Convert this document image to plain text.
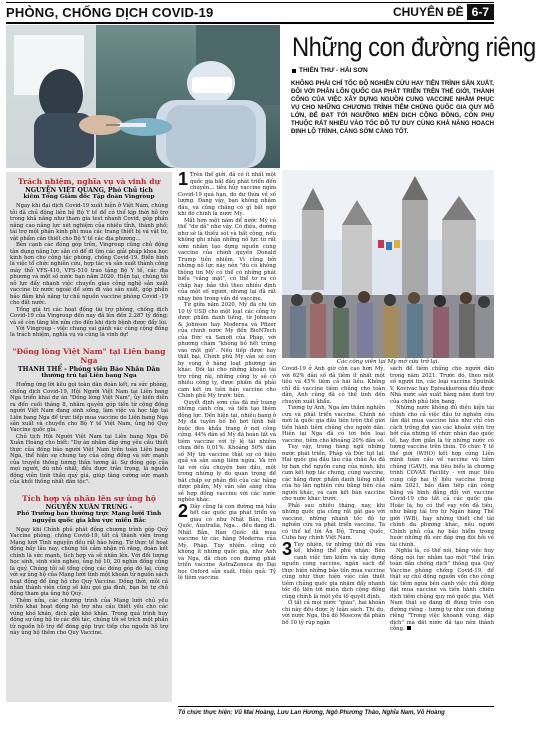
PHÒNG, CHỐNG DỊCH COVID-19	CHUYÊN ĐỀ 6-7
Những con đường riêng
THIÊN THƯ - HẢI SƠN
KHÔNG PHẢI CHỈ TỐC ĐỘ NGHIÊN CỨU HAY TIỆN TRÌNH SẢN XUẤT, ĐÔI VỚI PHÂN LÔN QUỐC GIA PHÁT TRIỂN TRÊN THẾ GIỚI, THÀNH CÔNG CỦA VIỆC XÂY DỰNG NGUỒN CUNG VACCINE NHẰM PHỤC VỤ CHO NHỮNG CHƯƠNG TRÌNH TIÊM CHỦNG QUỐC GIA QUY MÔ LỚN, ĐỂ ĐẠT TỚI NGƯỠNG MIỄN DỊCH CỘNG ĐỒNG, CÒN PHỤ THUỘC RẤT NHIỀU VÀO TỐC ĐỘ TƯ DUY CÙNG KHẢ NĂNG HOẠCH ĐỊNH LỘ TRÌNH, CÀNG SỚM CÀNG TỐT.
Trách nhiệm, nghĩa vụ và vinh dự
NGUYỄN VIỆT QUANG, Phó Chủ tịch
kiêm Tổng Giám đốc Tập đoàn Vingroup

Ngay khi đại dịch Covid-19 xuất hiện ở Việt Nam, chúng tôi đã chủ động liên hệ Bộ Y tế để có thể kịp thời hỗ trợ trong khả năng như tham gia test nhanh Covid, góp phần nâng cao năng lực xét nghiệm của nhiều tỉnh, thành phố; tài trợ một phần kinh phí mua các trang thiết bị và vật tư, vật phẩm cần thiết cho Bộ Y tế các địa phương...

Bên cạnh các đóng góp trên, Vingroup cũng chủ động tận dụng năng lực sẵn có để đi tìm các giải pháp khoa học kinh hơn cho công tác phòng, chống Covid-19. Điển hình là việc tổ chức nghiên cứu, hợp tác và sản xuất thành công máy thở VFS-410, VFS-510 trao tặng Bộ Y tế, các địa phương và một số nước bạn năm 2020. Hiện tại, chúng tôi nỗ lực đẩy nhanh việc chuyển giao công nghệ sản xuất vaccine từ nước ngoài để sớm đi vào sản xuất, góp phần bảo đảm khả năng tự chủ nguồn vaccine phòng Covid -19 cho đất nước.

Tổng giá trị các hoạt động tài trợ phòng, chống dịch Covid-19 của Vingroup đến nay đã lên đến 2.287 tỷ đồng; và sẽ còn tăng lên nữa cho đến khi dịch bệnh được đẩy lùi.

Với Vingroup - việc chung vai gánh vác cùng cộng đồng là trách nhiệm, nghĩa vụ và cũng là vinh dự!

"Đồng lòng Việt Nam" tại Liên bang Nga
THANH THỂ - Phóng viên Báo Nhân Dân
thường trú tại Liên bang Nga

Hưởng ứng lời kêu gọi toàn dân đoàn kết, ra sức phòng, chống dịch Covid-19, Hội Người Việt Nam tại Liên bang Nga triển khai dự án "Đồng lòng Việt Nam", ủy kiến diễn ra đến cuối tháng 8, nhằm quyên góp tiền từ cộng đồng người Việt Nam đang sinh sống, làm việc và học tập tại Liên bang Nga để trực tiếp mua vaccine do Liên bang Nga sản xuất và chuyển cho Bộ Y tế Việt Nam, ủng hộ Quỹ Vaccine quốc gia.

Chủ tịch Hội Người Việt Nam tại Liên bang Nga Đỗ Xuân Hoàng cho biết: "Dự án nhằm đáp ứng yêu cầu thiết thực của đồng bào người Việt Nam trên toàn Liên bang Nga, thể hiện sự chung tay của cộng đồng và sức mạnh của truyền thống tương thân tương ái. Sự đóng góp của mọi người, dù nhỏ nhất, đều được trân trọng, là nguồn động viên tinh thần quý giá, giúp tăng cường sức mạnh của khối thống nhất dân tộc".

Tích hợp và nhân lên sự ủng hộ
NGUYỄN XUÂN TRUNG -
Phó Trưởng ban thường trực Mạng lưới Tình nguyện quốc gia khu vực miền Bắc

Ngay khi Chính phủ phát động chương trình góp Quỹ Vaccine phòng, chống Covid-19, tất cả thành viên trong Mạng lưới Tình nguyện đều rất hào hứng. Từ thực tế hoạt động bấy lâu nay, chúng tôi cảm nhận rõ rằng, đoàn kết chính là sức mạnh, tích hợp và sẽ nhân lên. Với đối tượng học sinh, sinh viên nghèo, ủng hộ 10, 20 nghìn đồng cũng là quý. Chúng tôi sẽ tổng cộng các đóng góp đó lại, cùng với sự ủng hộ của Mạng lưới tình một khoản từ nguồn sách hoạt động để ủng hộ cho Quỹ Vaccine. Đồng thời, mỗi cá nhân thành viên cũng sẽ kêu gọi gia đình, bạn bè tự chủ động tham gia ủng hộ Quỹ.

Thêm nữa, các chương trình của Mạng lưới chủ yếu triển khai hoạt động hỗ trợ nhu cầu thiết yếu cho các vùng khó khăn, dịch gặp khó khăn. Trong quá trình huy động sự ủng hộ từ các đối tác, chúng tôi sẽ trích một phần từ nguồn hỗ trợ để đóng góp trực tiếp cho nguồn hỗ trợ này ủng hộ thêm cho Quỹ Vaccine.

1 Trên thế giới, đã có ít nhất một quốc gia bắt đầu phát triển đến chuyên... tiêu hủy vaccine ngừa Covid-19 quá hạn, do dự thừa về số lượng. Đáng vậy, bạn không nhầm đâu, và cũng chẳng có gì bất ngờ khi đó chính là nước Mỹ.

Mất hơn một năm để nước Mỹ có thể "dư dả" như vậy. Có điều, đường như sẽ là thiếu sót và bất công, nếu không ghi nhận những nỗ lực từ rất sớm nhằm tạo dựng nguồn cung vaccine của chính quyền Donald Trump tiền nhiệm. Vì cũng bởi những nỗ lực này nên "dù có không thông tin Mỹ có thể có những phát biểu "vắng mặt", có thể tơ ra có chấp hay bảo thủ theo nhiều định của một số người, nhưng lại đã rất nhạy bén trong vấn đề vaccine.

Từ giữa năm 2020, Mỹ đã chi tới 10 tỷ USD cho một loạt các công ty dược phẩm danh tiếng, từ Johnson & Johnson hay Moderna và Pfizer của chính nước Mỹ đến BioNTech của Đức và Sanofi của Pháp, với phương châm "không bỏ hết trứng vào một giỏ". Nếu tiếp được hay thất bại, Chính phủ Mỹ vẫn sẽ còn hy vọng ở hàng loạt phương án khác. Đối lại cho những khoản tài trợ rộng rãi, những công ty sẽ có nhiều công ty, dược phẩm đã phải cam kết ưu tiên bán vaccine cho Chính phủ Mỹ trước tiên.

Quyết định sớm của đã mở toang những cánh cửa, và tiến tạo thêm động lực. Đến hiện tại, nhiều bang ở Mỹ đã tuyên bố bỏ bớt lệnh bắt buộc đeo khẩu trang ở nơi công cộng. 44% dân số Mỹ đã hoàn tất và tiêm vaccine với tỷ lệ tái nhiễm chưa đến 0,01%. Khoảng 50% dân số Mỹ tin vaccine thật sự có hiệu quả và sẵn sàng tiêm ngừa. Và trớ lại với câu chuyện ban đầu, một trong những lý do quan trọng để bắt chấp sự phản đối của các hãng dược phẩm, Mỹ vẫn sẵn sàng chia sẻ hợp đồng vaccine với các nước nghèo khác.

2 Dây cũng là con đường mà hầu hết các quốc gia phát triển và giàu có như Nhật Bản, Hàn Quốc, Australia, Nga... đều đang đi. Nhật Bản, Hàn Quốc đã mua vaccine từ các hãng Moderna của Mỹ, Pháp. Tuy nhiên, cũng có không ít những quốc gia, như Anh và Nga, đã chọn con đường phát triển vaccine AstraZeneca do Đại học Oxford sản xuất. Hiệu quả: Tỷ lệ tiêm vaccine

Các công viên tại Mỹ mở cửa trở lại.

Covid-19 ở Anh giờ còn cao hơn Mỹ, với 62% dân số đã tiêm ít nhất một liều và 45% tiêm cả hai liều. Không chỉ đủ vaccine tiêm chủng cho toàn dân, Anh cũng đã có thể tính đến chuyện xuất khẩu.

Tương tự Anh, Nga âm thầm nghiên cứu và phát triển vaccine. Chính nó mới là quốc gia đầu tiên trên thế giới tiến hành tiêm chủng cho người dân. Hiện tại Nga đã có tới bốn loại vaccine, tiêm cho khoảng 20% dân số.

Tuy vậy, trong hàng ngũ những nước phát triển, Pháp và Đức tụt lại. Hai quốc gia đầu tàu của châu Âu đã tự hạn chế nguồn cung của mình, khi cam kết hợp tác chung, cùng vaccine, các hãng được phẩm danh tiếng nhất của họ lần nghiên cứu bằng tiền của người khác, và cam kết bán vaccine cho nước khác trước.

Phải sau nhiều tháng, nay, khi những quốc gia cũng rất gắt gao với vaccine, những nhánh tốc độ tự nghiên cứu và phát triển vaccine. Ta có thể kể tới Ấn Độ, Trung Quốc, Cuba hay chính Việt Nam.

3 Tuy nhiên, từ những thứ đủ vừa kể, không thể phủ nhận: Bên cạnh việc tìm kiếm và xây dựng nguồn cung vaccine, ngăn sách để thực hiện những bảo tồn mua vaccine cũng như thực hiện việc cần thiết tiêm chủng quốc gia nhằm đẩy nhanh tốc độ tiến tới miễn dịch cộng đồng cũng chính là một yếu tố quyết định.

Ở tất cả mọi nước "giàu", hai khoản chi này đều được lý luận sách. Thí dụ, với nước Nga, thủ đô Moscow đã phân bổ 10 tỷ rúp ngân

sách để tiêm chủng cho người dân trong năm 2021. Trước đó, theo một số người tin, các loại vaccine Sputnik V, Kovivac hay Epivakkorona đều được Nhà nước sản xuất hàng năm dưới trợ của chính phủ liên bang.

Những nước không đủ điều kiện tài chính cho cả việc đầu tư nghiên cứu lẫn đặt mua vaccine hầu như chỉ còn cách trông đợi vào các khoản viện trợ bởi của những tổ chức nhân đạo quốc tế, hay đơn giản là từ những nước có lượng vaccine trên thừa. Tổ chức Y tế thế giới (WHO) kết hợp cùng Liên minh toàn cầu về vaccine và tiêm chủng (GAVI), mà tiêu biểu là chương trình COVAX Facility - với mục tiêu cung cấp hai tỷ liều vaccine trong năm 2021, bảo đảm tiếp cận công bằng và bình đẳng đối với vaccine Covid-19 cho tất cả các quốc gia. Hoặc là, họ có thể vay vốn đã tiêu, như bằng tài trợ từ Ngân hàng Thế giới (WB), hay những thiết chế tài chính đa phương khác, nếu người Chính phủ của họ bảo hiểm trong huớc những đủ sức đáp ứng đòi hỏi về tài chính.

Nghĩa là, có thể nói, bằng việc huy động nội lực nhằm tạo một "thế trận toàn dân chống dịch" thông qua Quỹ Vaccine phòng chống Covid-19, để thật sự chủ động nguồn vốn cho công tác tiêm ngừa bên cạnh việc chủ động đặt mua vaccine và tiến hành chiến dịch tiêm chủng quy mô quốc gia, Việt Nam thật sự đang đi đúng trên con đường riêng - tương tự như con đường riêng "Trong việc khoanh vùng, dập dịch" mà đất nước đã tạo nên thành công.

Tổ chức thực hiện: Vũ Mai Hoàng, Lưu Lan Hương, Ngô Phương Thảo, Nghĩa Nam, Võ Hoàng
